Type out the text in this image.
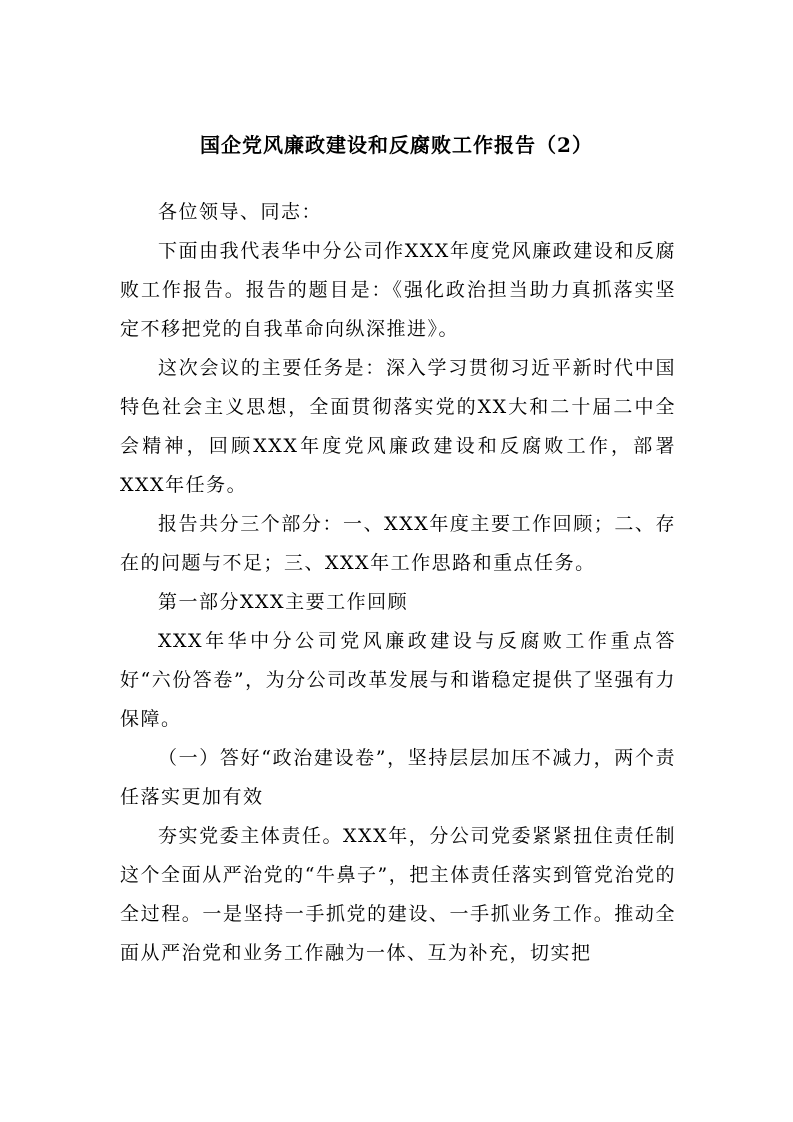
国企党风廉政建设和反腐败工作报告（2）

各位领导、同志：

下面由我代表华中分公司作XXX年度党风廉政建设和反腐败工作报告。报告的题目是：《强化政治担当助力真抓落实坚定不移把党的自我革命向纵深推进》。

这次会议的主要任务是：深入学习贯彻习近平新时代中国特色社会主义思想，全面贯彻落实党的XX大和二十届二中全会精神，回顾XXX年度党风廉政建设和反腐败工作，部署XXX年任务。

报告共分三个部分：一、XXX年度主要工作回顾；二、存在的问题与不足；三、XXX年工作思路和重点任务。

第一部分XXX主要工作回顾

XXX年华中分公司党风廉政建设与反腐败工作重点答好“六份答卷”，为分公司改革发展与和谐稳定提供了坚强有力保障。

（一）答好“政治建设卷”，坚持层层加压不减力，两个责任落实更加有效

夯实党委主体责任。XXX年，分公司党委紧紧扭住责任制这个全面从严治党的“牛鼻子”，把主体责任落实到管党治党的全过程。一是坚持一手抓党的建设、一手抓业务工作。推动全面从严治党和业务工作融为一体、互为补充，切实把
